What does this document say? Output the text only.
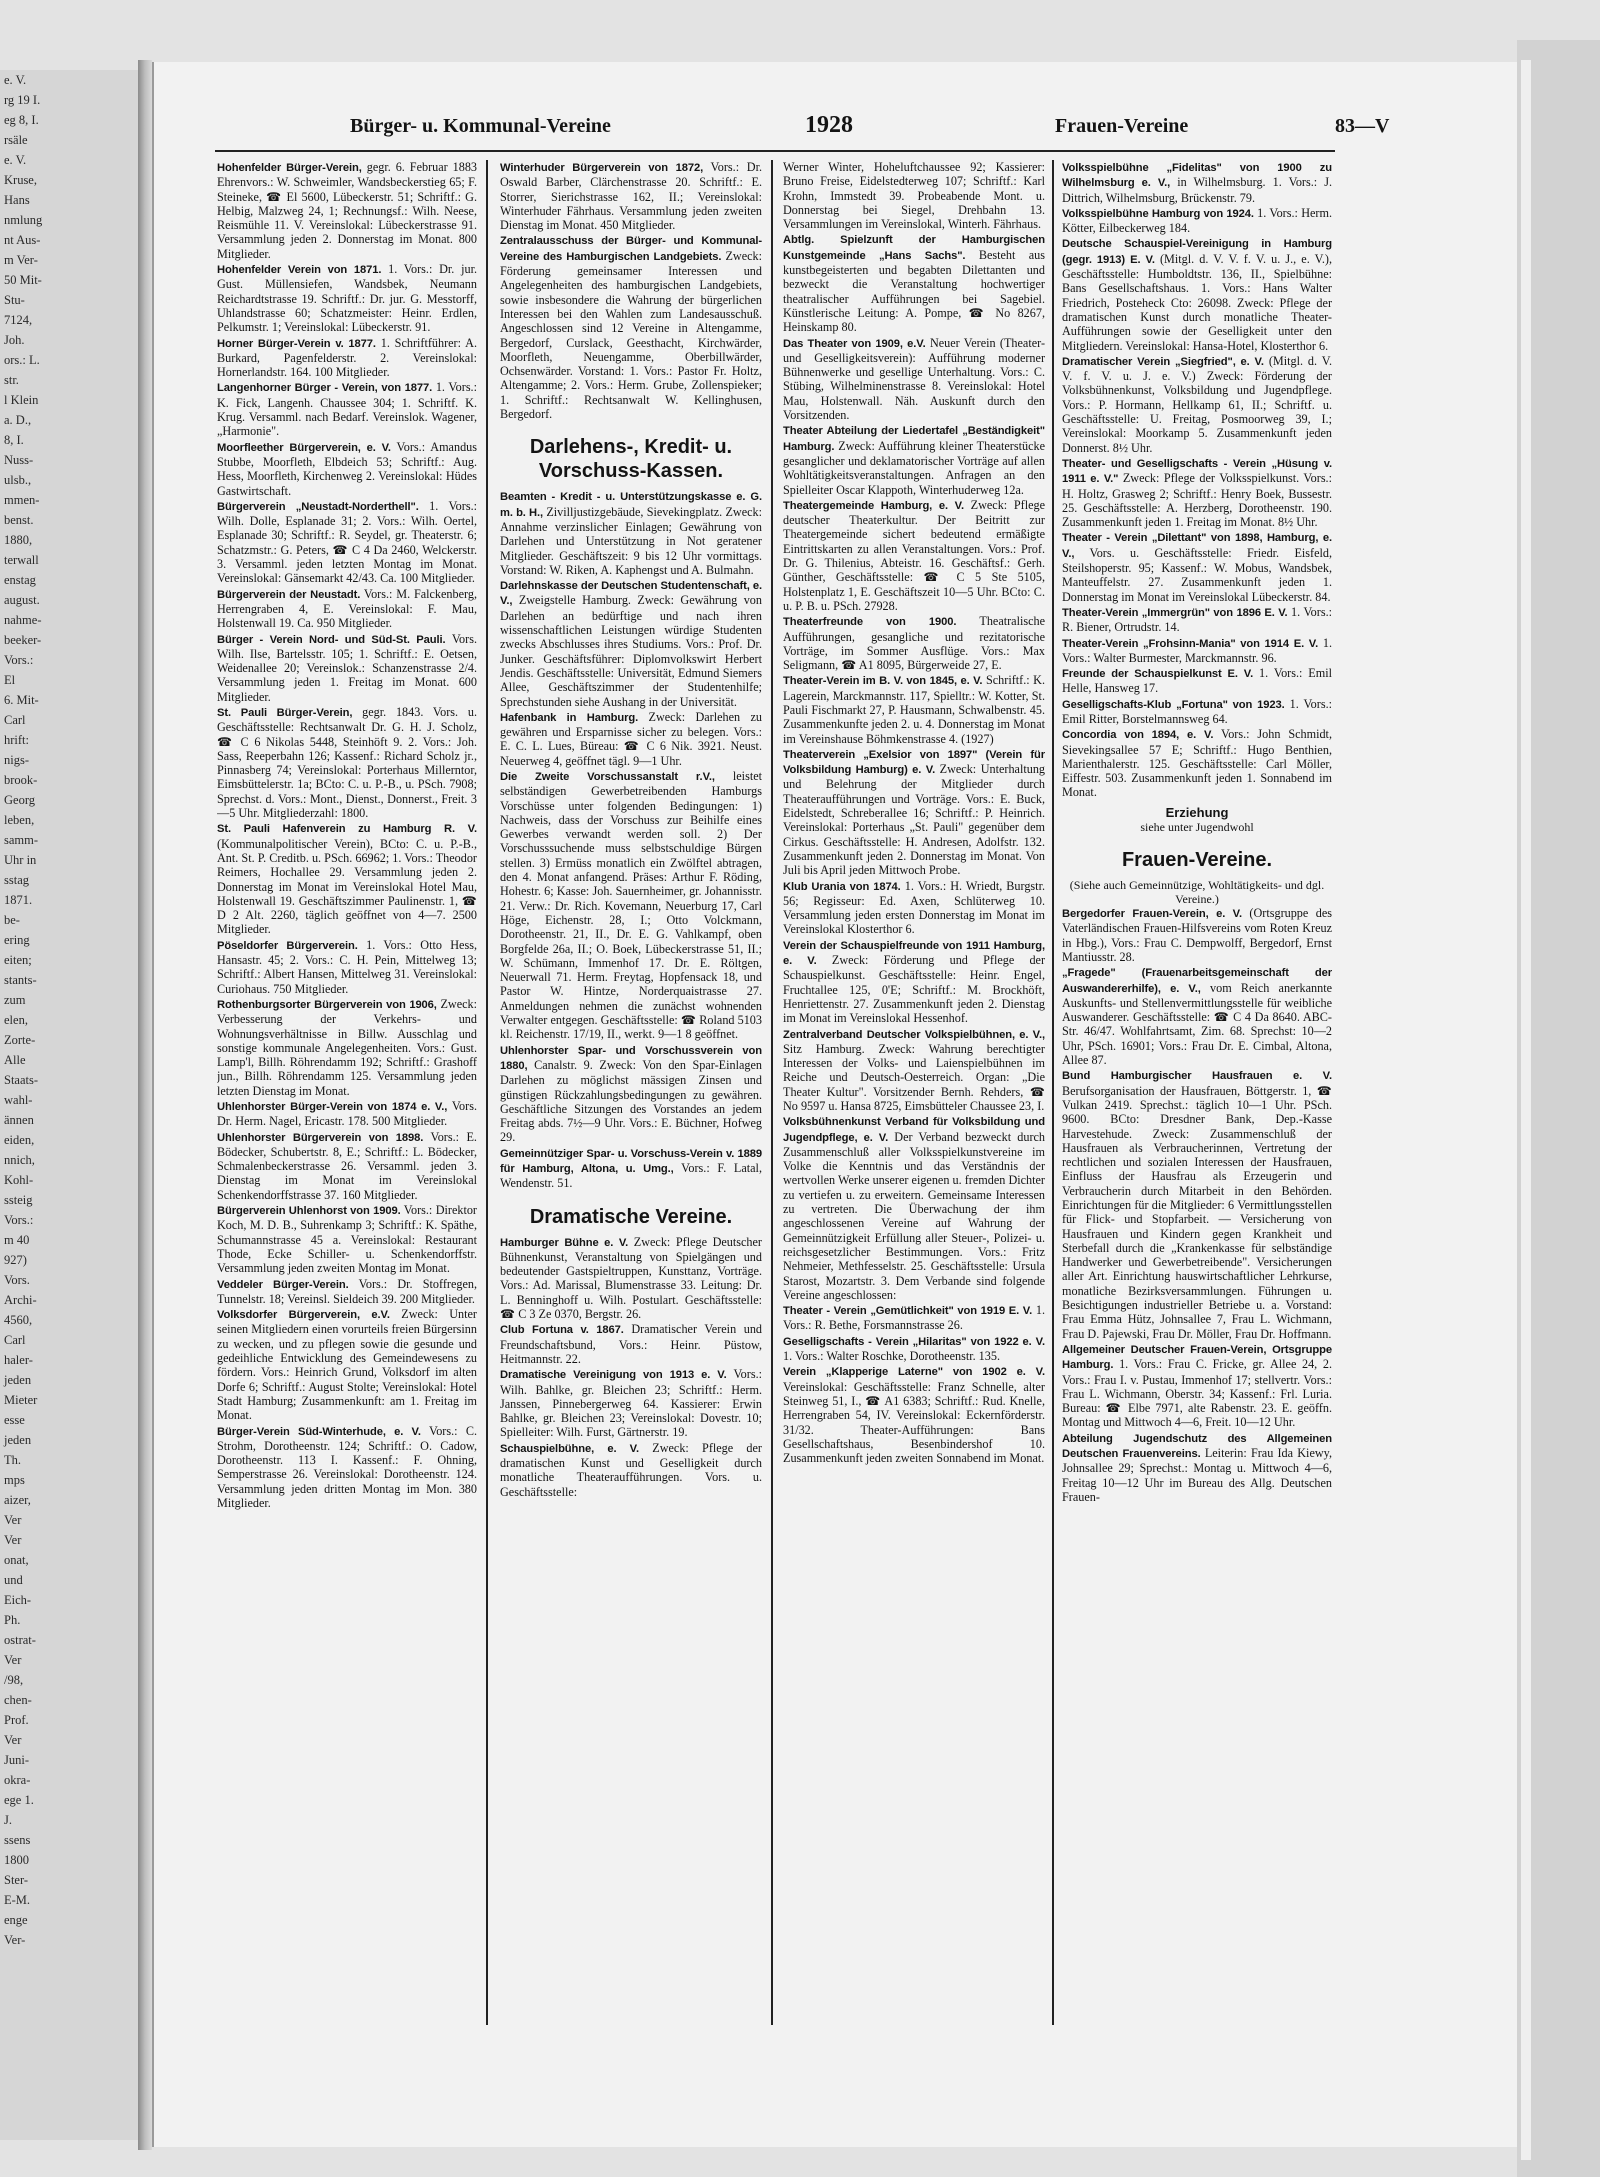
e. V.
rg 19 I.
eg 8, I.
rsäle
e. V.
Kruse,
Hans
nmlung
nt Aus-
m Ver-
50 Mit-
Stu-
7124,
Joh.
ors.: L.
str.
l Klein
a. D.,
8, I.
Nuss-
ulsb.,
mmen-
benst.
1880,
terwall
enstag
august.
nahme-
beeker-
Vors.:
El
6. Mit-
Carl
hrift:
nigs-
brook-
Georg
leben,
samm-
Uhr in
sstag
1871.
be-
ering
eiten;
stants-
zum
elen,
Zorte-
Alle
Staats-
wahl-
ännen
eiden,
nnich,
Kohl-
ssteig
Vors.:
m 40
927)
Vors.
Archi-
4560,
Carl
haler-
jeden
Mieter
esse
jeden
Th.
mps
aizer,
Ver
Ver
onat,
und
Eich-
Ph.
ostrat-
Ver
/98,
chen-
Prof.
Ver
Juni-
okra-
ege 1.
J.
ssens
1800
Ster-
E-M.
enge
Ver-
Bürger- u. Kommunal-Vereine	1928	Frauen-Vereine	83—V
Hohenfelder Bürger-Verein, gegr. 6. Februar 1883 Ehrenvors.: W. Schweimler, Wandsbeckerstieg 65; F. Steineke, ☎ El 5600, Lübeckerstr. 51; Schriftf.: G. Helbig, Malzweg 24, 1; Rechnungsf.: Wilh. Neese, Reismühle 11. V. Vereinslokal: Lübeckerstrasse 91. Versammlung jeden 2. Donnerstag im Monat. 800 Mitglieder.
Hohenfelder Verein von 1871. 1. Vors.: Dr. jur. Gust. Müllensiefen, Wandsbek, Neumann Reichardtstrasse 19. Schriftf.: Dr. jur. G. Messtorff, Uhlandstrasse 60; Schatzmeister: Heinr. Erdlen, Pelkumstr. 1; Vereinslokal: Lübeckerstr. 91.
Horner Bürger-Verein v. 1877. 1. Schriftführer: A. Burkard, Pagenfelderstr. 2. Vereinslokal: Hornerlandstr. 164. 100 Mitglieder.
Langenhorner Bürger - Verein, von 1877. 1. Vors.: K. Fick, Langenh. Chaussee 304; 1. Schriftf. K. Krug. Versamml. nach Bedarf. Vereinslok. Wagener, „Harmonie".
Moorfleether Bürgerverein, e. V. Vors.: Amandus Stubbe, Moorfleth, Elbdeich 53; Schriftf.: Aug. Hess, Moorfleth, Kirchenweg 2. Vereinslokal: Hüdes Gastwirtschaft.
Bürgerverein „Neustadt-Norderthell". 1. Vors.: Wilh. Dolle, Esplanade 31; 2. Vors.: Wilh. Oertel, Esplanade 30; Schriftf.: R. Seydel, gr. Theaterstr. 6; Schatzmstr.: G. Peters, ☎ C 4 Da 2460, Welckerstr. 3. Versamml. jeden letzten Montag im Monat. Vereinslokal: Gänsemarkt 42/43. Ca. 100 Mitglieder.
Bürgerverein der Neustadt. Vors.: M. Falckenberg, Herrengraben 4, E. Vereinslokal: F. Mau, Holstenwall 19. Ca. 950 Mitglieder.
Bürger - Verein Nord- und Süd-St. Pauli. Vors. Wilh. Ilse, Bartelsstr. 105; 1. Schriftf.: E. Oetsen, Weidenallee 20; Vereinslok.: Schanzenstrasse 2/4. Versammlung jeden 1. Freitag im Monat. 600 Mitglieder.
St. Pauli Bürger-Verein, gegr. 1843. Vors. u. Geschäftsstelle: Rechtsanwalt Dr. G. H. J. Scholz, ☎ C 6 Nikolas 5448, Steinhöft 9. 2. Vors.: Joh. Sass, Reeperbahn 126; Kassenf.: Richard Scholz jr., Pinnasberg 74; Vereinslokal: Porterhaus Millerntor, Eimsbüttelerstr. 1a; BCto: C. u. P.-B., u. PSch. 7908; Sprechst. d. Vors.: Mont., Dienst., Donnerst., Freit. 3—5 Uhr. Mitgliederzahl: 1800.
St. Pauli Hafenverein zu Hamburg R. V. (Kommunalpolitischer Verein), BCto: C. u. P.-B., Ant. St. P. Creditb. u. PSch. 66962; 1. Vors.: Theodor Reimers, Hochallee 29. Versammlung jeden 2. Donnerstag im Monat im Vereinslokal Hotel Mau, Holstenwall 19. Geschäftszimmer Paulinenstr. 1, ☎ D 2 Alt. 2260, täglich geöffnet von 4—7. 2500 Mitglieder.
Pöseldorfer Bürgerverein. 1. Vors.: Otto Hess, Hansastr. 45; 2. Vors.: C. H. Pein, Mittelweg 13; Schriftf.: Albert Hansen, Mittelweg 31. Vereinslokal: Curiohaus. 750 Mitglieder.
Rothenburgsorter Bürgerverein von 1906, Zweck: Verbesserung der Verkehrs- und Wohnungsverhältnisse in Billw. Ausschlag und sonstige kommunale Angelegenheiten. Vors.: Gust. Lamp'l, Billh. Röhrendamm 192; Schriftf.: Grashoff jun., Billh. Röhrendamm 125. Versammlung jeden letzten Dienstag im Monat.
Uhlenhorster Bürger-Verein von 1874 e. V., Vors. Dr. Herm. Nagel, Ericastr. 178. 500 Mitglieder.
Uhlenhorster Bürgerverein von 1898. Vors.: E. Bödecker, Schubertstr. 8, E.; Schriftf.: L. Bödecker, Schmalenbeckerstrasse 26. Versamml. jeden 3. Dienstag im Monat im Vereinslokal Schenkendorffstrasse 37. 160 Mitglieder.
Bürgerverein Uhlenhorst von 1909. Vors.: Direktor Koch, M. D. B., Suhrenkamp 3; Schriftf.: K. Späthe, Schumannstrasse 45 a. Vereinslokal: Restaurant Thode, Ecke Schiller- u. Schenkendorffstr. Versammlung jeden zweiten Montag im Monat.
Veddeler Bürger-Verein. Vors.: Dr. Stoffregen, Tunnelstr. 18; Vereinsl. Sieldeich 39. 200 Mitglieder.
Volksdorfer Bürgerverein, e.V. Zweck: Unter seinen Mitgliedern einen vorurteils freien Bürgersinn zu wecken, und zu pflegen sowie die gesunde und gedeihliche Entwicklung des Gemeindewesens zu fördern. Vors.: Heinrich Grund, Volksdorf im alten Dorfe 6; Schriftf.: August Stolte; Vereinslokal: Hotel Stadt Hamburg; Zusammenkunft: am 1. Freitag im Monat.
Bürger-Verein Süd-Winterhude, e. V. Vors.: C. Strohm, Dorotheenstr. 124; Schriftf.: O. Cadow, Dorotheenstr. 113 I. Kassenf.: F. Ohning, Semperstrasse 26. Vereinslokal: Dorotheenstr. 124. Versammlung jeden dritten Montag im Mon. 380 Mitglieder.
Winterhuder Bürgerverein von 1872, Vors.: Dr. Oswald Barber, Clärchenstrasse 20. Schriftf.: E. Storrer, Sierichstrasse 162, II.; Vereinslokal: Winterhuder Fährhaus. Versammlung jeden zweiten Dienstag im Monat. 450 Mitglieder.
Zentralausschuss der Bürger- und Kommunal-Vereine des Hamburgischen Landgebiets. Zweck: Förderung gemeinsamer Interessen und Angelegenheiten des hamburgischen Landgebiets, sowie insbesondere die Wahrung der bürgerlichen Interessen bei den Wahlen zum Landesausschuß. Angeschlossen sind 12 Vereine in Altengamme, Bergedorf, Curslack, Geesthacht, Kirchwärder, Moorfleth, Neuengamme, Oberbillwärder, Ochsenwärder. Vorstand: 1. Vors.: Pastor Fr. Holtz, Altengamme; 2. Vors.: Herm. Grube, Zollenspieker; 1. Schriftf.: Rechtsanwalt W. Kellinghusen, Bergedorf.
Darlehens-, Kredit- u. Vorschuss-Kassen.
Beamten - Kredit - u. Unterstützungskasse e. G. m. b. H., Zivilljustizgebäude, Sievekingplatz. Zweck: Annahme verzinslicher Einlagen; Gewährung von Darlehen und Unterstützung in Not geratener Mitglieder. Geschäftszeit: 9 bis 12 Uhr vormittags. Vorstand: W. Riken, A. Kaphengst und A. Bulmahn.
Darlehnskasse der Deutschen Studentenschaft, e. V., Zweigstelle Hamburg. Zweck: Gewährung von Darlehen an bedürftige und nach ihren wissenschaftlichen Leistungen würdige Studenten zwecks Abschlusses ihres Studiums. Vors.: Prof. Dr. Junker. Geschäftsführer: Diplomvolkswirt Herbert Jendis. Geschäftsstelle: Universität, Edmund Siemers Allee, Geschäftszimmer der Studentenhilfe; Sprechstunden siehe Aushang in der Universität.
Hafenbank in Hamburg. Zweck: Darlehen zu gewähren und Ersparnisse sicher zu belegen. Vors.: E. C. L. Lues, Büreau: ☎ C 6 Nik. 3921. Neust. Neuerweg 4, geöffnet tägl. 9—1 Uhr.
Die Zweite Vorschussanstalt r.V., leistet selbständigen Gewerbetreibenden Hamburgs Vorschüsse unter folgenden Bedingungen: 1) Nachweis, dass der Vorschuss zur Beihilfe eines Gewerbes verwandt werden soll. 2) Der Vorschusssuchende muss selbstschuldige Bürgen stellen. 3) Ermüss monatlich ein Zwölftel abtragen, den 4. Monat anfangend. Präses: Arthur F. Röding, Hohestr. 6; Kasse: Joh. Sauernheimer, gr. Johannisstr. 21. Verw.: Dr. Rich. Kovemann, Neuerburg 17, Carl Höge, Eichenstr. 28, I.; Otto Volckmann, Dorotheenstr. 21, II., Dr. E. G. Vahlkampf, oben Borgfelde 26a, II.; O. Boek, Lübeckerstrasse 51, II.; W. Schümann, Immenhof 17. Dr. E. Röltgen, Neuerwall 71. Herm. Freytag, Hopfensack 18, und Pastor W. Hintze, Norderquaistrasse 27. Anmeldungen nehmen die zunächst wohnenden Verwalter entgegen. Geschäftsstelle: ☎ Roland 5103 kl. Reichenstr. 17/19, II., werkt. 9—1 8 geöffnet.
Uhlenhorster Spar- und Vorschussverein von 1880, Canalstr. 9. Zweck: Von den Spar-Einlagen Darlehen zu möglichst mässigen Zinsen und günstigen Rückzahlungsbedingungen zu gewähren. Geschäftliche Sitzungen des Vorstandes an jedem Freitag abds. 7½—9 Uhr. Vors.: E. Büchner, Hofweg 29.
Gemeinnütziger Spar- u. Vorschuss-Verein v. 1889 für Hamburg, Altona, u. Umg., Vors.: F. Latal, Wendenstr. 51.
Dramatische Vereine.
Hamburger Bühne e. V. Zweck: Pflege Deutscher Bühnenkunst, Veranstaltung von Spielgängen und bedeutender Gastspieltruppen, Kunsttanz, Vorträge. Vors.: Ad. Marissal, Blumenstrasse 33. Leitung: Dr. L. Benninghoff u. Wilh. Postulart. Geschäftsstelle: ☎ C 3 Ze 0370, Bergstr. 26.
Club Fortuna v. 1867. Dramatischer Verein und Freundschaftsbund, Vors.: Heinr. Püstow, Heitmannstr. 22.
Dramatische Vereinigung von 1913 e. V. Vors.: Wilh. Bahlke, gr. Bleichen 23; Schriftf.: Herm. Janssen, Pinnebergerweg 64. Kassierer: Erwin Bahlke, gr. Bleichen 23; Vereinslokal: Dovestr. 10; Spielleiter: Wilh. Furst, Gärtnerstr. 19.
Schauspielbühne, e. V. Zweck: Pflege der dramatischen Kunst und Geselligkeit durch monatliche Theateraufführungen. Vors. u. Geschäftsstelle:
Werner Winter, Hoheluftchaussee 92; Kassierer: Bruno Freise, Eidelstedterweg 107; Schriftf.: Karl Krohn, Immstedt 39. Probeabende Mont. u. Donnerstag bei Siegel, Drehbahn 13. Versammlungen im Vereinslokal, Winterh. Fährhaus.
Abtlg. Spielzunft der Hamburgischen Kunstgemeinde „Hans Sachs". Besteht aus kunstbegeisterten und begabten Dilettanten und bezweckt die Veranstaltung hochwertiger theatralischer Aufführungen bei Sagebiel. Künstlerische Leitung: A. Pompe, ☎ No 8267, Heinskamp 80.
Das Theater von 1909, e.V. Neuer Verein (Theater- und Geselligkeitsverein): Aufführung moderner Bühnenwerke und gesellige Unterhaltung. Vors.: C. Stübing, Wilhelminenstrasse 8. Vereinslokal: Hotel Mau, Holstenwall. Näh. Auskunft durch den Vorsitzenden.
Theater Abteilung der Liedertafel „Beständigkeit" Hamburg. Zweck: Aufführung kleiner Theaterstücke gesanglicher und deklamatorischer Vorträge auf allen Wohltätigkeitsveranstaltungen. Anfragen an den Spielleiter Oscar Klappoth, Winterhuderweg 12a.
Theatergemeinde Hamburg, e. V. Zweck: Pflege deutscher Theaterkultur. Der Beitritt zur Theatergemeinde sichert bedeutend ermäßigte Eintrittskarten zu allen Veranstaltungen. Vors.: Prof. Dr. G. Thilenius, Abteistr. 16. Geschäftsf.: Gerh. Günther, Geschäftsstelle: ☎ C 5 Ste 5105, Holstenplatz 1, E. Geschäftszeit 10—5 Uhr. BCto: C. u. P. B. u. PSch. 27928.
Theaterfreunde von 1900. Theatralische Aufführungen, gesangliche und rezitatorische Vorträge, im Sommer Ausflüge. Vors.: Max Seligmann, ☎ A1 8095, Bürgerweide 27, E.
Theater-Verein im B. V. von 1845, e. V. Schriftf.: K. Lagerein, Marckmannstr. 117, Spielltr.: W. Kotter, St. Pauli Fischmarkt 27, P. Hausmann, Schwalbenstr. 45. Zusammenkunfte jeden 2. u. 4. Donnerstag im Monat im Vereinshause Böhmkenstrasse 4. (1927)
Theaterverein „Exelsior von 1897" (Verein für Volksbildung Hamburg) e. V. Zweck: Unterhaltung und Belehrung der Mitglieder durch Theateraufführungen und Vorträge. Vors.: E. Buck, Eidelstedt, Schreberallee 16; Schriftf.: P. Heinrich. Vereinslokal: Porterhaus „St. Pauli" gegenüber dem Cirkus. Geschäftsstelle: H. Andresen, Adolfstr. 132. Zusammenkunft jeden 2. Donnerstag im Monat. Von Juli bis April jeden Mittwoch Probe.
Klub Urania von 1874. 1. Vors.: H. Wriedt, Burgstr. 56; Regisseur: Ed. Axen, Schlüterweg 10. Versammlung jeden ersten Donnerstag im Monat im Vereinslokal Klosterthor 6.
Verein der Schauspielfreunde von 1911 Hamburg, e. V. Zweck: Förderung und Pflege der Schauspielkunst. Geschäftsstelle: Heinr. Engel, Fruchtallee 125, 0'E; Schriftf.: M. Brockhöft, Henriettenstr. 27. Zusammenkunft jeden 2. Dienstag im Monat im Vereinslokal Hessenhof.
Zentralverband Deutscher Volkspielbühnen, e. V., Sitz Hamburg. Zweck: Wahrung berechtigter Interessen der Volks- und Laienspielbühnen im Reiche und Deutsch-Oesterreich. Organ: „Die Theater Kultur". Vorsitzender Bernh. Rehders, ☎ No 9597 u. Hansa 8725, Eimsbütteler Chaussee 23, I.
Volksbühnenkunst Verband für Volksbildung und Jugendpflege, e. V. Der Verband bezweckt durch Zusammenschluß aller Volksspielkunstvereine im Volke die Kenntnis und das Verständnis der wertvollen Werke unserer eigenen u. fremden Dichter zu vertiefen u. zu erweitern. Gemeinsame Interessen zu vertreten. Die Überwachung der ihm angeschlossenen Vereine auf Wahrung der Gemeinnützigkeit Erfüllung aller Steuer-, Polizei- u. reichsgesetzlicher Bestimmungen. Vors.: Fritz Nehmeier, Methfesselstr. 25. Geschäftsstelle: Ursula Starost, Mozartstr. 3. Dem Verbande sind folgende Vereine angeschlossen:
Theater - Verein „Gemütlichkeit" von 1919 E. V. 1. Vors.: R. Bethe, Forsmannstrasse 26.
Geselligschafts - Verein „Hilaritas" von 1922 e. V. 1. Vors.: Walter Roschke, Dorotheenstr. 135.
Verein „Klapperige Laterne" von 1902 e. V. Vereinslokal: Geschäftsstelle: Franz Schnelle, alter Steinweg 51, I., ☎ A1 6383; Schriftf.: Rud. Knelle, Herrengraben 54, IV. Vereinslokal: Eckernförderstr. 31/32. Theater-Aufführungen: Bans Gesellschaftshaus, Besenbindershof 10. Zusammenkunft jeden zweiten Sonnabend im Monat.
Volksspielbühne „Fidelitas" von 1900 zu Wilhelmsburg e. V., in Wilhelmsburg. 1. Vors.: J. Dittrich, Wilhelmsburg, Brückenstr. 79.
Volksspielbühne Hamburg von 1924. 1. Vors.: Herm. Kötter, Eilbeckerweg 184.
Deutsche Schauspiel-Vereinigung in Hamburg (gegr. 1913) E. V. (Mitgl. d. V. V. f. V. u. J., e. V.), Geschäftsstelle: Humboldtstr. 136, II., Spielbühne: Bans Gesellschaftshaus. 1. Vors.: Hans Walter Friedrich, Posteheck Cto: 26098. Zweck: Pflege der dramatischen Kunst durch monatliche Theater-Aufführungen sowie der Geselligkeit unter den Mitgliedern. Vereinslokal: Hansa-Hotel, Klosterthor 6.
Dramatischer Verein „Siegfried", e. V. (Mitgl. d. V. V. f. V. u. J. e. V.) Zweck: Förderung der Volksbühnenkunst, Volksbildung und Jugendpflege. Vors.: P. Hormann, Hellkamp 61, II.; Schriftf. u. Geschäftsstelle: U. Freitag, Posmoorweg 39, I.; Vereinslokal: Moorkamp 5. Zusammenkunft jeden Donnerst. 8½ Uhr.
Theater- und Geselligschafts - Verein „Hüsung v. 1911 e. V." Zweck: Pflege der Volksspielkunst. Vors.: H. Holtz, Grasweg 2; Schriftf.: Henry Boek, Bussestr. 25. Geschäftsstelle: A. Herzberg, Dorotheenstr. 190. Zusammenkunft jeden 1. Freitag im Monat. 8½ Uhr.
Theater - Verein „Dilettant" von 1898, Hamburg, e. V., Vors. u. Geschäftsstelle: Friedr. Eisfeld, Steilshoperstr. 95; Kassenf.: W. Mobus, Wandsbek, Manteuffelstr. 27. Zusammenkunft jeden 1. Donnerstag im Monat im Vereinslokal Lübeckerstr. 84.
Theater-Verein „Immergrün" von 1896 E. V. 1. Vors.: R. Biener, Ortrudstr. 14.
Theater-Verein „Frohsinn-Mania" von 1914 E. V. 1. Vors.: Walter Burmester, Marckmannstr. 96.
Freunde der Schauspielkunst E. V. 1. Vors.: Emil Helle, Hansweg 17.
Geselligschafts-Klub „Fortuna" von 1923. 1. Vors.: Emil Ritter, Borstelmannsweg 64.
Concordia von 1894, e. V. Vors.: John Schmidt, Sievekingsallee 57 E; Schriftf.: Hugo Benthien, Marienthalerstr. 125. Geschäftsstelle: Carl Möller, Eiffestr. 503. Zusammenkunft jeden 1. Sonnabend im Monat.
Erziehung
siehe unter Jugendwohl
Frauen-Vereine.
(Siehe auch Gemeinnützige, Wohltätigkeits- und dgl. Vereine.)
Bergedorfer Frauen-Verein, e. V. (Ortsgruppe des Vaterländischen Frauen-Hilfsvereins vom Roten Kreuz in Hbg.), Vors.: Frau C. Dempwolff, Bergedorf, Ernst Mantiusstr. 28.
„Fragede" (Frauenarbeitsgemeinschaft der Auswandererhilfe), e. V., vom Reich anerkannte Auskunfts- und Stellenvermittlungsstelle für weibliche Auswanderer. Geschäftsstelle: ☎ C 4 Da 8640. ABC-Str. 46/47. Wohlfahrtsamt, Zim. 68. Sprechst: 10—2 Uhr, PSch. 16901; Vors.: Frau Dr. E. Cimbal, Altona, Allee 87.
Bund Hamburgischer Hausfrauen e. V. Berufsorganisation der Hausfrauen, Böttgerstr. 1, ☎ Vulkan 2419. Sprechst.: täglich 10—1 Uhr. PSch. 9600. BCto: Dresdner Bank, Dep.-Kasse Harvestehude. Zweck: Zusammenschluß der Hausfrauen als Verbraucherinnen, Vertretung der rechtlichen und sozialen Interessen der Hausfrauen, Einfluss der Hausfrau als Erzeugerin und Verbraucherin durch Mitarbeit in den Behörden. Einrichtungen für die Mitglieder: 6 Vermittlungsstellen für Flick- und Stopfarbeit. — Versicherung von Hausfrauen und Kindern gegen Krankheit und Sterbefall durch die „Krankenkasse für selbständige Handwerker und Gewerbetreibende". Versicherungen aller Art. Einrichtung hauswirtschaftlicher Lehrkurse, monatliche Bezirksversammlungen. Führungen u. Besichtigungen industrieller Betriebe u. a. Vorstand: Frau Emma Hütz, Johnsallee 7, Frau L. Wichmann, Frau D. Pajewski, Frau Dr. Möller, Frau Dr. Hoffmann.
Allgemeiner Deutscher Frauen-Verein, Ortsgruppe Hamburg. 1. Vors.: Frau C. Fricke, gr. Allee 24, 2. Vors.: Frau I. v. Pustau, Immenhof 17; stellvertr. Vors.: Frau L. Wichmann, Oberstr. 34; Kassenf.: Frl. Luria. Bureau: ☎ Elbe 7971, alte Rabenstr. 23. E. geöffn. Montag und Mittwoch 4—6, Freit. 10—12 Uhr.
Abteilung Jugendschutz des Allgemeinen Deutschen Frauenvereins. Leiterin: Frau Ida Kiewy, Johnsallee 29; Sprechst.: Montag u. Mittwoch 4—6, Freitag 10—12 Uhr im Bureau des Allg. Deutschen Frauen-
